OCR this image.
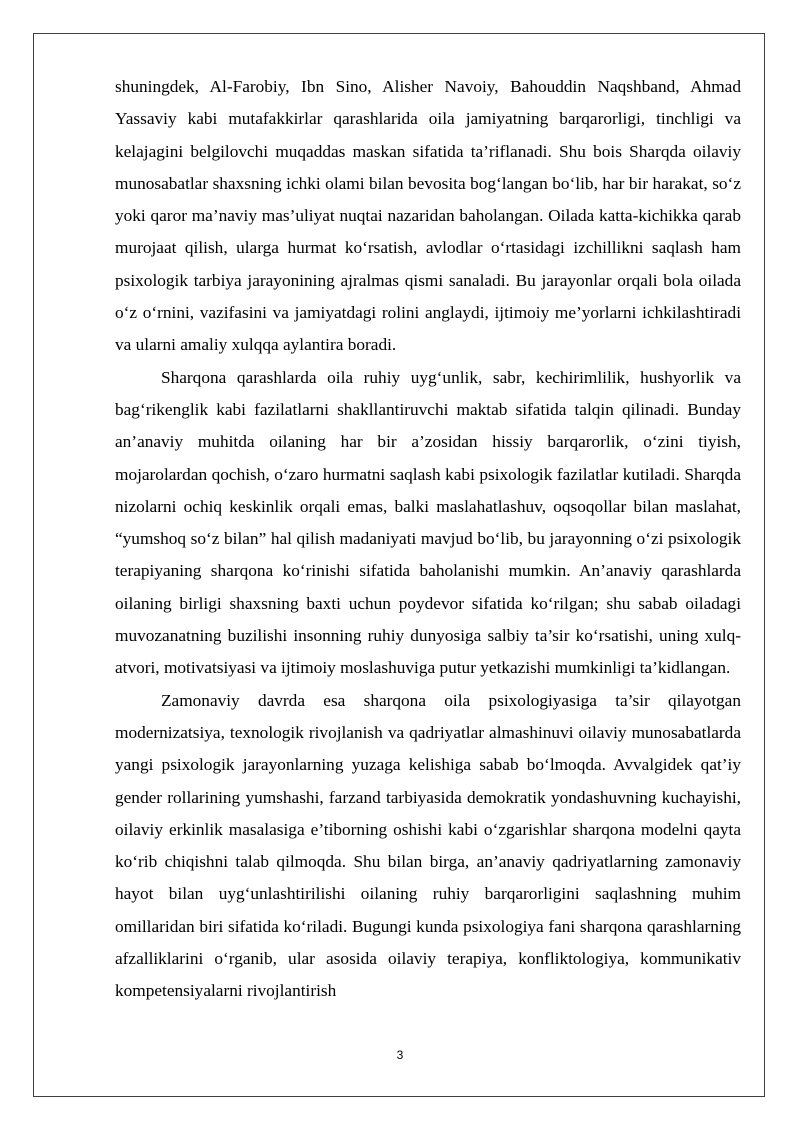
shuningdek, Al-Farobiy, Ibn Sino, Alisher Navoiy, Bahouddin Naqshband, Ahmad Yassaviy kabi mutafakkirlar qarashlarida oila jamiyatning barqarorligi, tinchligi va kelajagini belgilovchi muqaddas maskan sifatida ta’riflanadi. Shu bois Sharqda oilaviy munosabatlar shaxsning ichki olami bilan bevosita bog‘langan bo‘lib, har bir harakat, so‘z yoki qaror ma’naviy mas’uliyat nuqtai nazaridan baholangan. Oilada katta-kichikka qarab murojaat qilish, ularga hurmat ko‘rsatish, avlodlar o‘rtasidagi izchillikni saqlash ham psixologik tarbiya jarayonining ajralmas qismi sanaladi. Bu jarayonlar orqali bola oilada o‘z o‘rnini, vazifasini va jamiyatdagi rolini anglaydi, ijtimoiy me’yorlarni ichkilashtiradi va ularni amaliy xulqqa aylantira boradi.

Sharqona qarashlarda oila ruhiy uyg‘unlik, sabr, kechirimlilik, hushyorlik va bag‘rikenglik kabi fazilatlarni shakllantiruvchi maktab sifatida talqin qilinadi. Bunday an’anaviy muhitda oilaning har bir a’zosidan hissiy barqarorlik, o‘zini tiyish, mojarolardan qochish, o‘zaro hurmatni saqlash kabi psixologik fazilatlar kutiladi. Sharqda nizolarni ochiq keskinlik orqali emas, balki maslahatlashuv, oqsoqollar bilan maslahat, “yumshoq so‘z bilan” hal qilish madaniyati mavjud bo‘lib, bu jarayonning o‘zi psixologik terapiyaning sharqona ko‘rinishi sifatida baholanishi mumkin. An’anaviy qarashlarda oilaning birligi shaxsning baxti uchun poydevor sifatida ko‘rilgan; shu sabab oiladagi muvozanatning buzilishi insonning ruhiy dunyosiga salbiy ta’sir ko‘rsatishi, uning xulq-atvori, motivatsiyasi va ijtimoiy moslashuviga putur yetkazishi mumkinligi ta’kidlangan.

Zamonaviy davrda esa sharqona oila psixologiyasiga ta’sir qilayotgan modernizatsiya, texnologik rivojlanish va qadriyatlar almashinuvi oilaviy munosabatlarda yangi psixologik jarayonlarning yuzaga kelishiga sabab bo‘lmoqda. Avvalgidek qat’iy gender rollarining yumshashi, farzand tarbiyasida demokratik yondashuvning kuchayishi, oilaviy erkinlik masalasiga e’tiborning oshishi kabi o‘zgarishlar sharqona modelni qayta ko‘rib chiqishni talab qilmoqda. Shu bilan birga, an’anaviy qadriyatlarning zamonaviy hayot bilan uyg‘unlashtirilishi oilaning ruhiy barqarorligini saqlashning muhim omillaridan biri sifatida ko‘riladi. Bugungi kunda psixologiya fani sharqona qarashlarning afzalliklarini o‘rganib, ular asosida oilaviy terapiya, konfliktologiya, kommunikativ kompetensiyalarni rivojlantirish

3
